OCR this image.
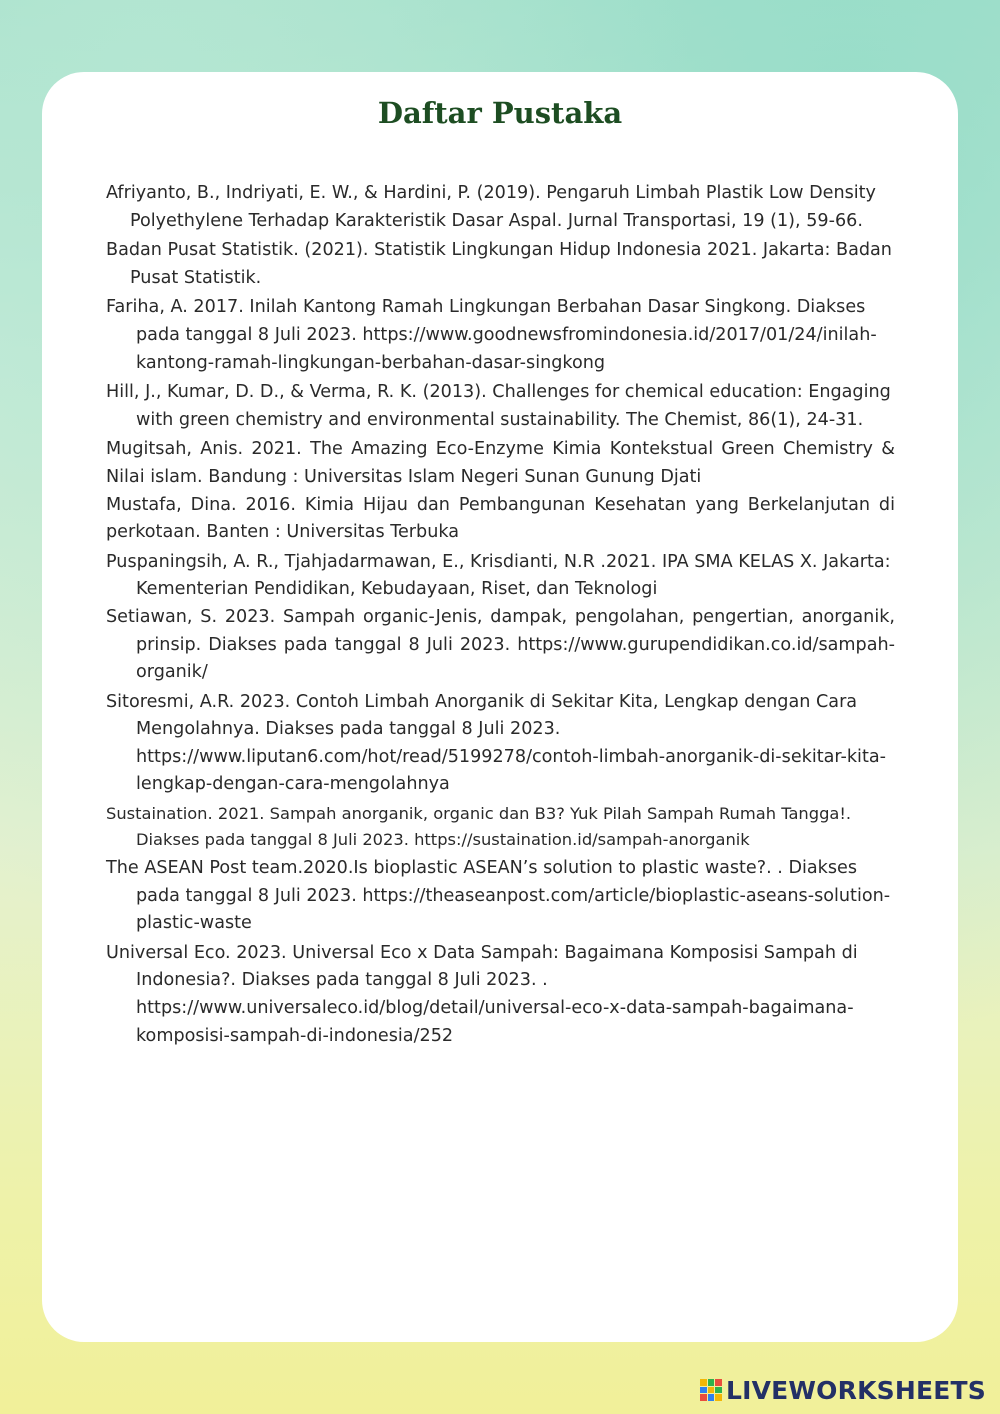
Daftar Pustaka

Afriyanto, B., Indriyati, E. W., & Hardini, P. (2019). Pengaruh Limbah Plastik Low Density Polyethylene Terhadap Karakteristik Dasar Aspal. Jurnal Transportasi, 19 (1), 59-66.

Badan Pusat Statistik. (2021). Statistik Lingkungan Hidup Indonesia 2021. Jakarta: Badan Pusat Statistik.

Fariha, A. 2017. Inilah Kantong Ramah Lingkungan Berbahan Dasar Singkong. Diakses pada tanggal 8 Juli 2023. https://www.goodnewsfromindonesia.id/2017/01/24/inilah-kantong-ramah-lingkungan-berbahan-dasar-singkong

Hill, J., Kumar, D. D., & Verma, R. K. (2013). Challenges for chemical education: Engaging with green chemistry and environmental sustainability. The Chemist, 86(1), 24-31.

Mugitsah, Anis. 2021. The Amazing Eco-Enzyme Kimia Kontekstual Green Chemistry & Nilai islam. Bandung : Universitas Islam Negeri Sunan Gunung Djati

Mustafa, Dina. 2016. Kimia Hijau dan Pembangunan Kesehatan yang Berkelanjutan di perkotaan. Banten : Universitas Terbuka

Puspaningsih, A. R., Tjahjadarmawan, E., Krisdianti, N.R .2021. IPA SMA KELAS X. Jakarta: Kementerian Pendidikan, Kebudayaan, Riset, dan Teknologi

Setiawan, S. 2023. Sampah organic-Jenis, dampak, pengolahan, pengertian, anorganik, prinsip. Diakses pada tanggal 8 Juli 2023. https://www.gurupendidikan.co.id/sampah-organik/

Sitoresmi, A.R. 2023. Contoh Limbah Anorganik di Sekitar Kita, Lengkap dengan Cara Mengolahnya. Diakses pada tanggal 8 Juli 2023. https://www.liputan6.com/hot/read/5199278/contoh-limbah-anorganik-di-sekitar-kita-lengkap-dengan-cara-mengolahnya

Sustaination. 2021. Sampah anorganik, organic dan B3? Yuk Pilah Sampah Rumah Tangga!. Diakses pada tanggal 8 Juli 2023. https://sustaination.id/sampah-anorganik

The ASEAN Post team.2020.Is bioplastic ASEAN’s solution to plastic waste?. . Diakses pada tanggal 8 Juli 2023. https://theaseanpost.com/article/bioplastic-aseans-solution-plastic-waste

Universal Eco. 2023. Universal Eco x Data Sampah: Bagaimana Komposisi Sampah di Indonesia?. Diakses pada tanggal 8 Juli 2023. . https://www.universaleco.id/blog/detail/universal-eco-x-data-sampah-bagaimana-komposisi-sampah-di-indonesia/252

LIVEWORKSHEETS
